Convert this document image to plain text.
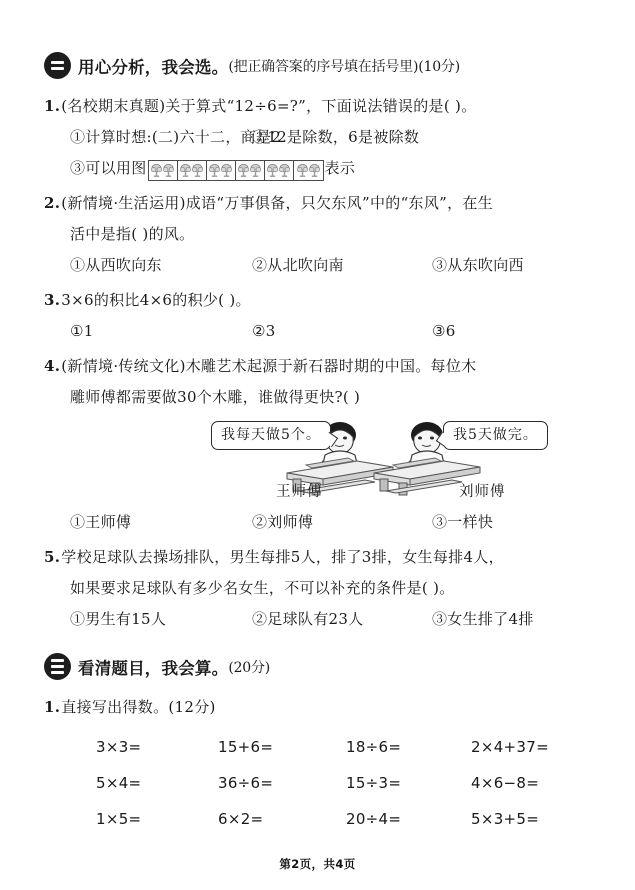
用心分析，我会选。 (把正确答案的序号填在括号里)(10分)
1.(名校期末真题)关于算式“12÷6=?”，下面说法错误的是( )。
①计算时想:(二)六十二，商是2
②12是除数，6是被除数
③可以用图	表示
2.(新情境·生活运用)成语“万事俱备，只欠东风”中的“东风”，在生
活中是指( )的风。
①从西吹向东	②从北吹向南	③从东吹向西
3.3×6的积比4×6的积少( )。
①1	②3	③6
4.(新情境·传统文化)木雕艺术起源于新石器时期的中国。每位木
雕师傅都需要做30个木雕，谁做得更快?( )
我每天做5个。	我5天做完。
王师傅	刘师傅
①王师傅	②刘师傅	③一样快
5.学校足球队去操场排队，男生每排5人，排了3排，女生每排4人，
如果要求足球队有多少名女生，不可以补充的条件是( )。
①男生有15人	②足球队有23人	③女生排了4排
看清题目，我会算。 (20分)
1.直接写出得数。(12分)
3×3=	15+6=	18÷6=	2×4+37=
5×4=	36÷6=	15÷3=	4×6−8=
1×5=	6×2=	20÷4=	5×3+5=
第2页，共4页
